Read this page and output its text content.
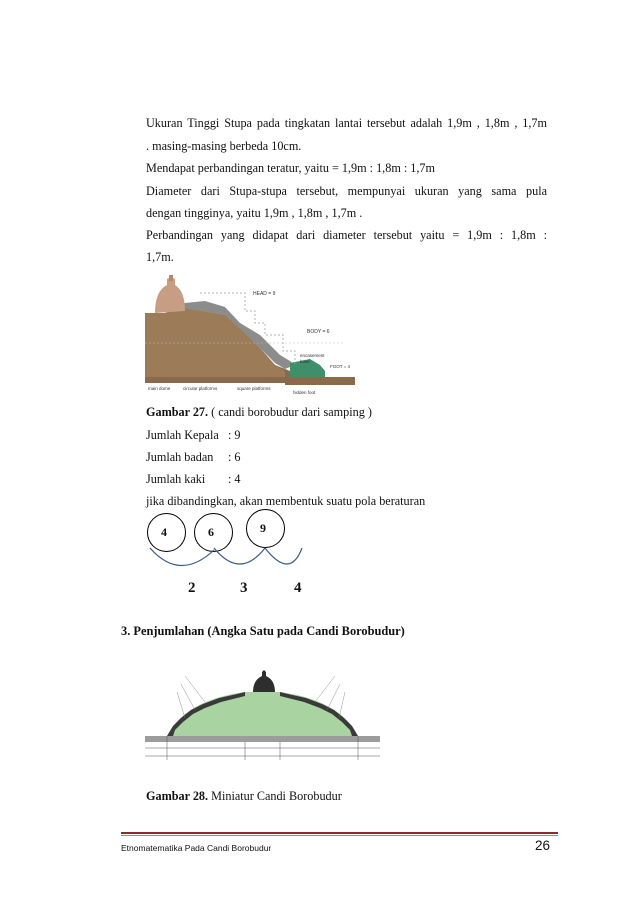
Ukuran Tinggi Stupa pada tingkatan lantai tersebut adalah 1,9m , 1,8m , 1,7m
. masing-masing berbeda 10cm.
Mendapat perbandingan teratur, yaitu = 1,9m : 1,8m : 1,7m
Diameter dari Stupa-stupa tersebut, mempunyai ukuran yang sama pula
dengan tingginya, yaitu 1,9m , 1,8m , 1,7m .
Perbandingan yang didapat dari diameter tersebut yaitu = 1,9m : 1,8m :
1,7m.
HEAD = 9
BODY = 6
encasement
base
FOOT = 4
hidden foot
main dome	circular platforms	square platforms
Gambar 27. ( candi borobudur dari samping )
Jumlah Kepala : 9
Jumlah badan : 6
Jumlah kaki : 4
jika dibandingkan, akan membentuk suatu pola beraturan
4	6	9
2	3	4
3. Penjumlahan (Angka Satu pada Candi Borobudur)
Gambar 28. Miniatur Candi Borobudur
Etnomatematika Pada Candi Borobudur	26
